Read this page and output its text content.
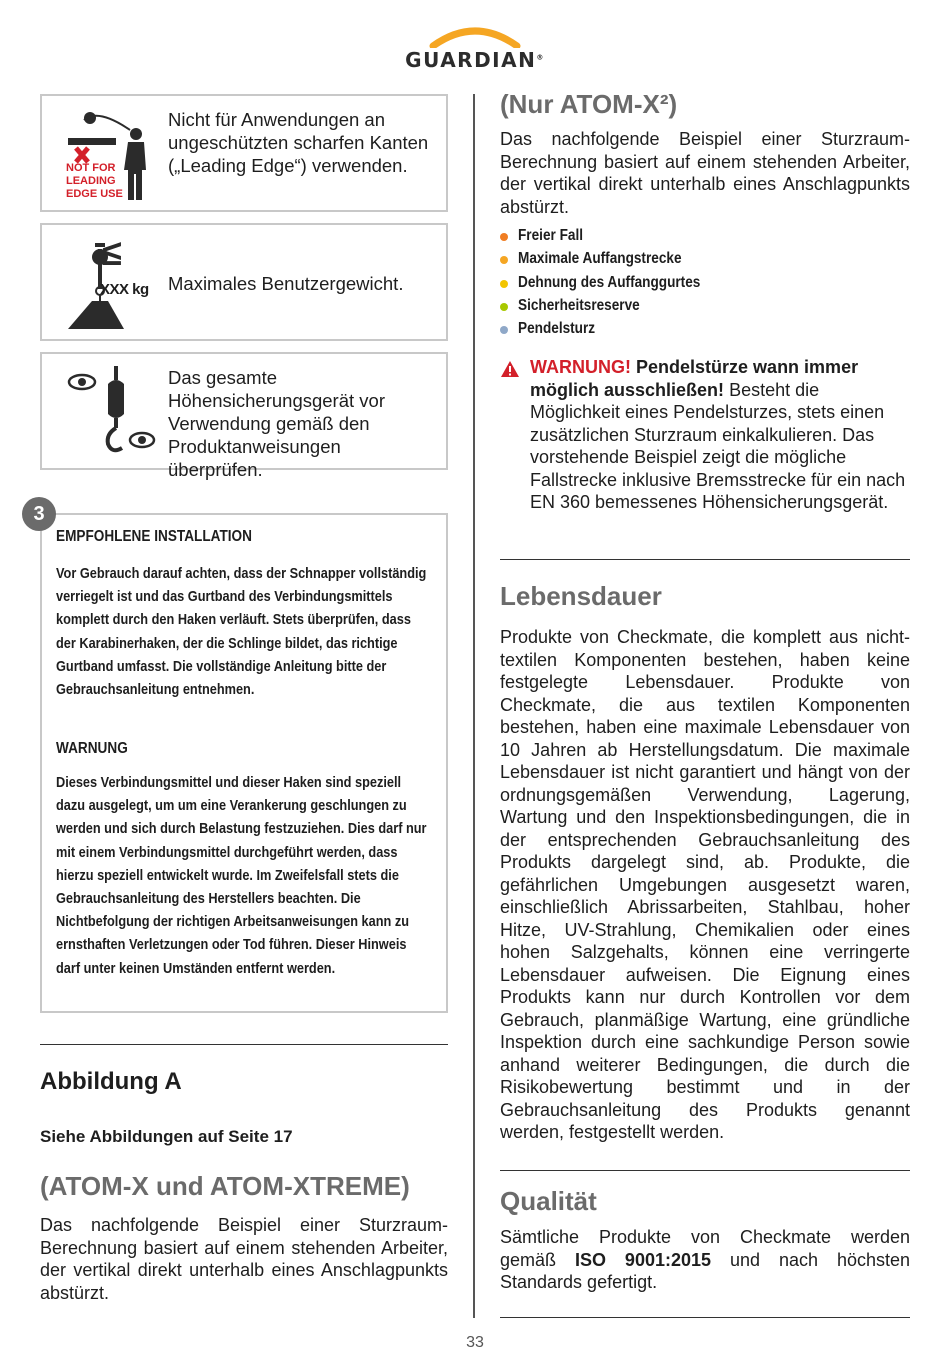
GUARDIAN®
NOT FOR
LEADING
EDGE USE
Nicht für Anwendungen an ungeschützten scharfen Kanten („Leading Edge“) verwenden.
≤
XXX kg Maximales Benutzergewicht.
Das gesamte Höhensicherungsgerät vor Verwendung gemäß den Produktanweisungen überprüfen.
EMPFOHLENE INSTALLATION
Vor Gebrauch darauf achten, dass der Schnapper vollständig verriegelt ist und das Gurtband des Verbindungsmittels komplett durch den Haken verläuft. Stets überprüfen, dass der Karabinerhaken, der die Schlinge bildet, das richtige Gurtband umfasst. Die vollständige Anleitung bitte der Gebrauchsanleitung entnehmen.
WARNUNG
Dieses Verbindungsmittel und dieser Haken sind speziell dazu ausgelegt, um um eine Verankerung geschlungen zu werden und sich durch Belastung festzuziehen. Dies darf nur mit einem Verbindungsmittel durchgeführt werden, dass hierzu speziell entwickelt wurde. Im Zweifelsfall stets die Gebrauchsanleitung des Herstellers beachten. Die Nichtbefolgung der richtigen Arbeitsanweisungen kann zu ernsthaften Verletzungen oder Tod führen. Dieser Hinweis darf unter keinen Umständen entfernt werden.
3
Abbildung A
Siehe Abbildungen auf Seite 17
(ATOM-X und ATOM-XTREME)
Das nachfolgende Beispiel einer Sturzraum-Berechnung basiert auf einem stehenden Arbeiter, der vertikal direkt unterhalb eines Anschlagpunkts abstürzt.
(Nur ATOM-X²)
Das nachfolgende Beispiel einer Sturzraum-Berechnung basiert auf einem stehenden Arbeiter, der vertikal direkt unterhalb eines Anschlagpunkts abstürzt.
Freier Fall
Maximale Auffangstrecke
Dehnung des Auffanggurtes
Sicherheitsreserve
Pendelsturz
WARNUNG! Pendelstürze wann immer möglich ausschließen! Besteht die Möglichkeit eines Pendelsturzes, stets einen zusätzlichen Sturzraum einkalkulieren. Das vorstehende Beispiel zeigt die mögliche Fallstrecke inklusive Bremsstrecke für ein nach EN 360 bemessenes Höhensicherungsgerät.
Lebensdauer
Produkte von Checkmate, die komplett aus nicht-textilen Komponenten bestehen, haben keine festgelegte Lebensdauer. Produkte von Checkmate, die aus textilen Komponenten bestehen, haben eine maximale Lebensdauer von 10 Jahren ab Herstellungsdatum. Die maximale Lebensdauer ist nicht garantiert und hängt von der ordnungsgemäßen Verwendung, Lagerung, Wartung und den Inspektionsbedingungen, die in der entsprechenden Gebrauchsanleitung des Produkts dargelegt sind, ab. Produkte, die gefährlichen Umgebungen ausgesetzt waren, einschließlich Abrissarbeiten, Stahlbau, hoher Hitze, UV-Strahlung, Chemikalien oder eines hohen Salzgehalts, können eine verringerte Lebensdauer aufweisen. Die Eignung eines Produkts kann nur durch Kontrollen vor dem Gebrauch, planmäßige Wartung, eine gründliche Inspektion durch eine sachkundige Person sowie anhand weiterer Bedingungen, die durch die Risikobewertung bestimmt und in der Gebrauchsanleitung des Produkts genannt werden, festgestellt werden.
Qualität
Sämtliche Produkte von Checkmate werden gemäß ISO 9001:2015 und nach höchsten Standards gefertigt.
33
